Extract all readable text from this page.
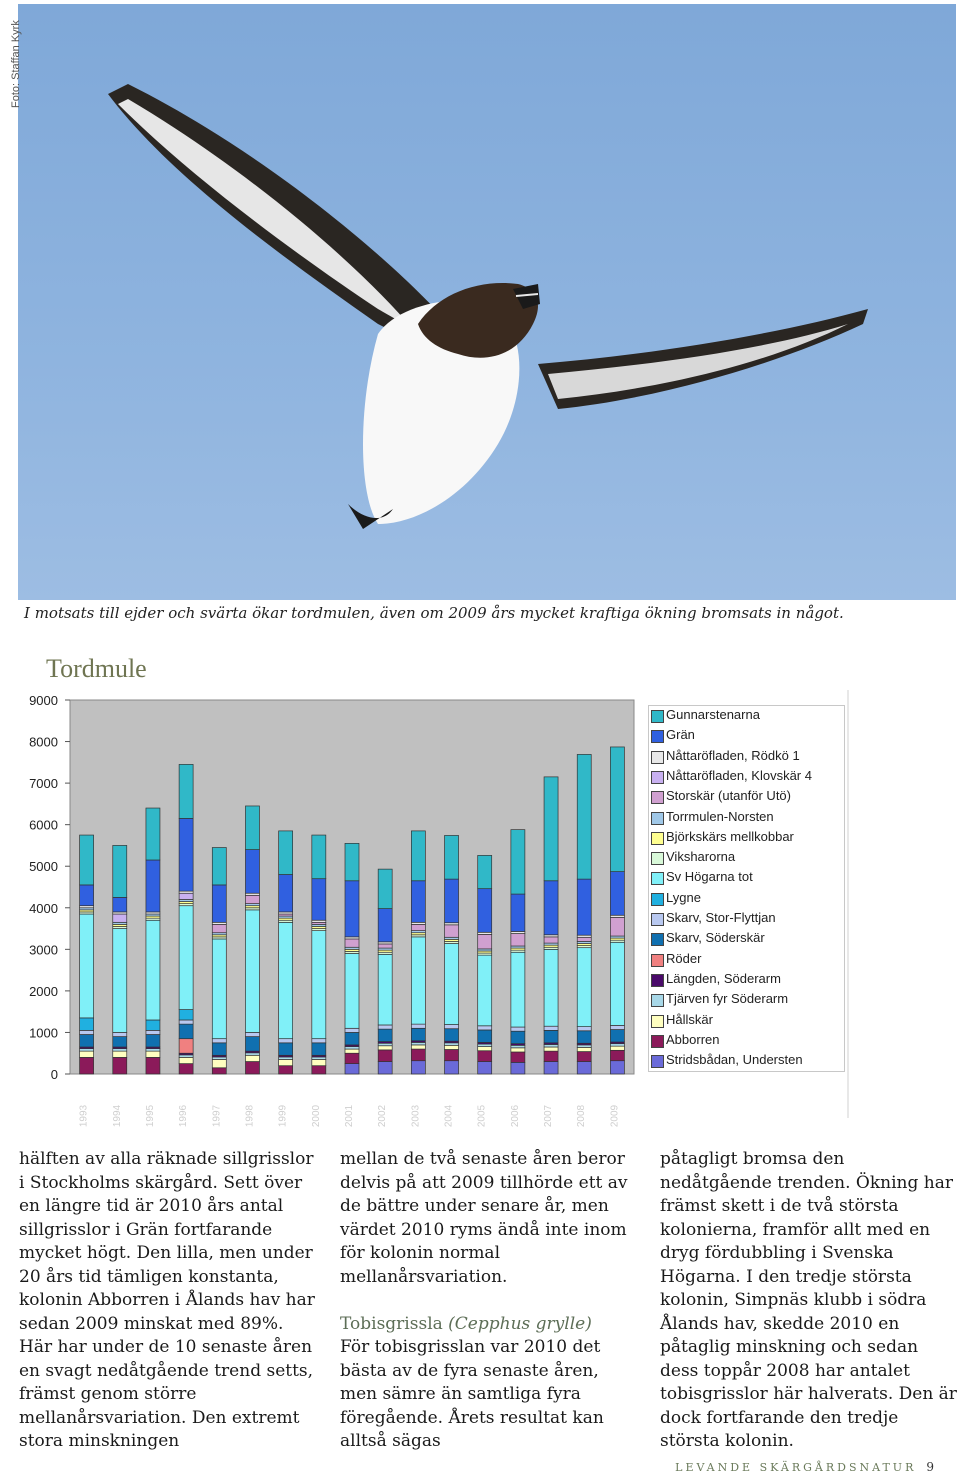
Foto: Staffan Kyrk
I motsats till ejder och svärta ökar tordmulen, även om 2009 års mycket kraftiga ökning bromsats in något.
Tordmule
0
1000
2000
3000
4000
5000
6000
7000
8000
9000
1993 1994 1995 1996 1997 1998 1999 2000 2001 2002 2003 2004 2005 2006 2007 2008 2009
Gunnarstenarna
Grän
Nåttaröfladen, Rödkö 1
Nåttaröfladen, Klovskär 4
Storskär (utanför Utö)
Torrmulen-Norsten
Björkskärs mellkobbar
Viksharorna
Sv Högarna tot
Lygne
Skarv, Stor-Flyttjan
Skarv, Söderskär
Röder
Längden, Söderarm
Tjärven fyr Söderarm
Hållskär
Abborren
Stridsbådan, Understen

hälften av alla räknade sillgrisslor i Stockholms skärgård. Sett över en längre tid är 2010 års antal sillgrisslor i Grän fortfarande mycket högt. Den lilla, men under 20 års tid tämligen konstanta, kolonin Abborren i Ålands hav har sedan 2009 minskat med 89%. Här har under de 10 senaste åren en svagt nedåtgående trend setts, främst genom större mellanårsvariation. Den extremt stora minskningen

mellan de två senaste åren beror delvis på att 2009 tillhörde ett av de bättre under senare år, men värdet 2010 ryms ändå inte inom för kolonin normal mellanårsvariation.

Tobisgrissla (Cepphus grylle)

För tobisgrisslan var 2010 det bästa av de fyra senaste åren, men sämre än samtliga fyra föregående. Årets resultat kan alltså sägas

påtagligt bromsa den nedåtgående trenden. Ökning har främst skett i de två största kolonierna, framför allt med en dryg fördubbling i Svenska Högarna. I den tredje största kolonin, Simpnäs klubb i södra Ålands hav, skedde 2010 en påtaglig minskning och sedan dess toppår 2008 har antalet tobisgrisslor här halverats. Den är dock fortfarande den tredje största kolonin.

LEVANDE SKÄRGÅRDSNATUR 9
